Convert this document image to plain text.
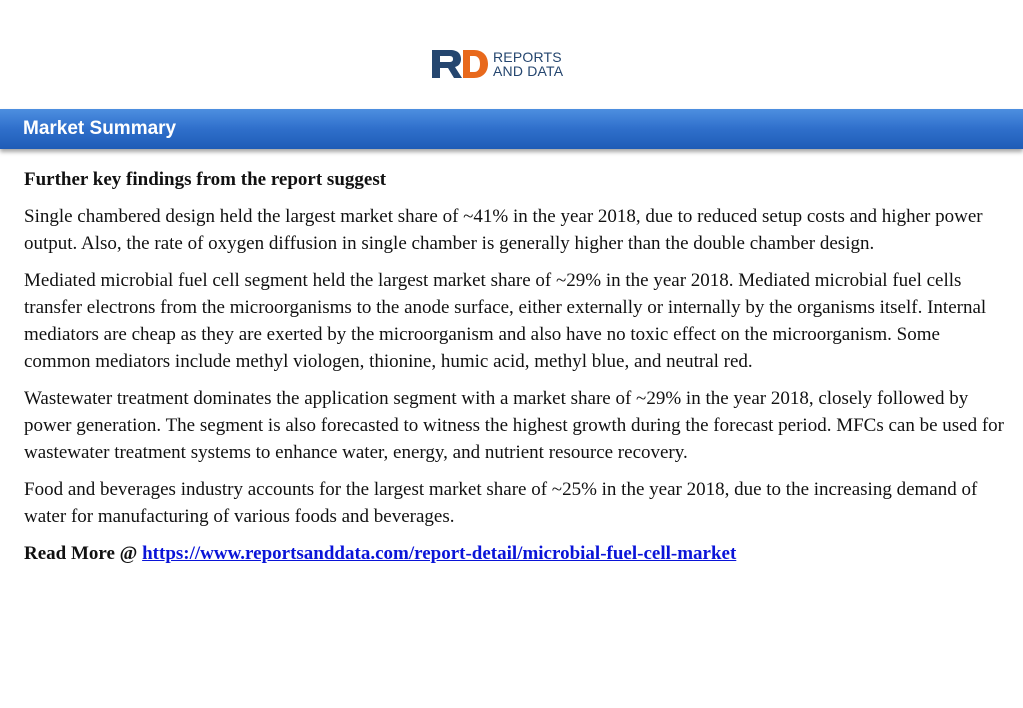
REPORTS
AND DATA
Market Summary

Further key findings from the report suggest

Single chambered design held the largest market share of ~41% in the year 2018, due to reduced setup costs and higher power output. Also, the rate of oxygen diffusion in single chamber is generally higher than the double chamber design.

Mediated microbial fuel cell segment held the largest market share of ~29% in the year 2018. Mediated microbial fuel cells transfer electrons from the microorganisms to the anode surface, either externally or internally by the organisms itself. Internal mediators are cheap as they are exerted by the microorganism and also have no toxic effect on the microorganism. Some common mediators include methyl viologen, thionine, humic acid, methyl blue, and neutral red.

Wastewater treatment dominates the application segment with a market share of ~29% in the year 2018, closely followed by power generation. The segment is also forecasted to witness the highest growth during the forecast period. MFCs can be used for wastewater treatment systems to enhance water, energy, and nutrient resource recovery.

Food and beverages industry accounts for the largest market share of ~25% in the year 2018, due to the increasing demand of water for manufacturing of various foods and beverages.

Read More @ https://www.reportsanddata.com/report-detail/microbial-fuel-cell-market
